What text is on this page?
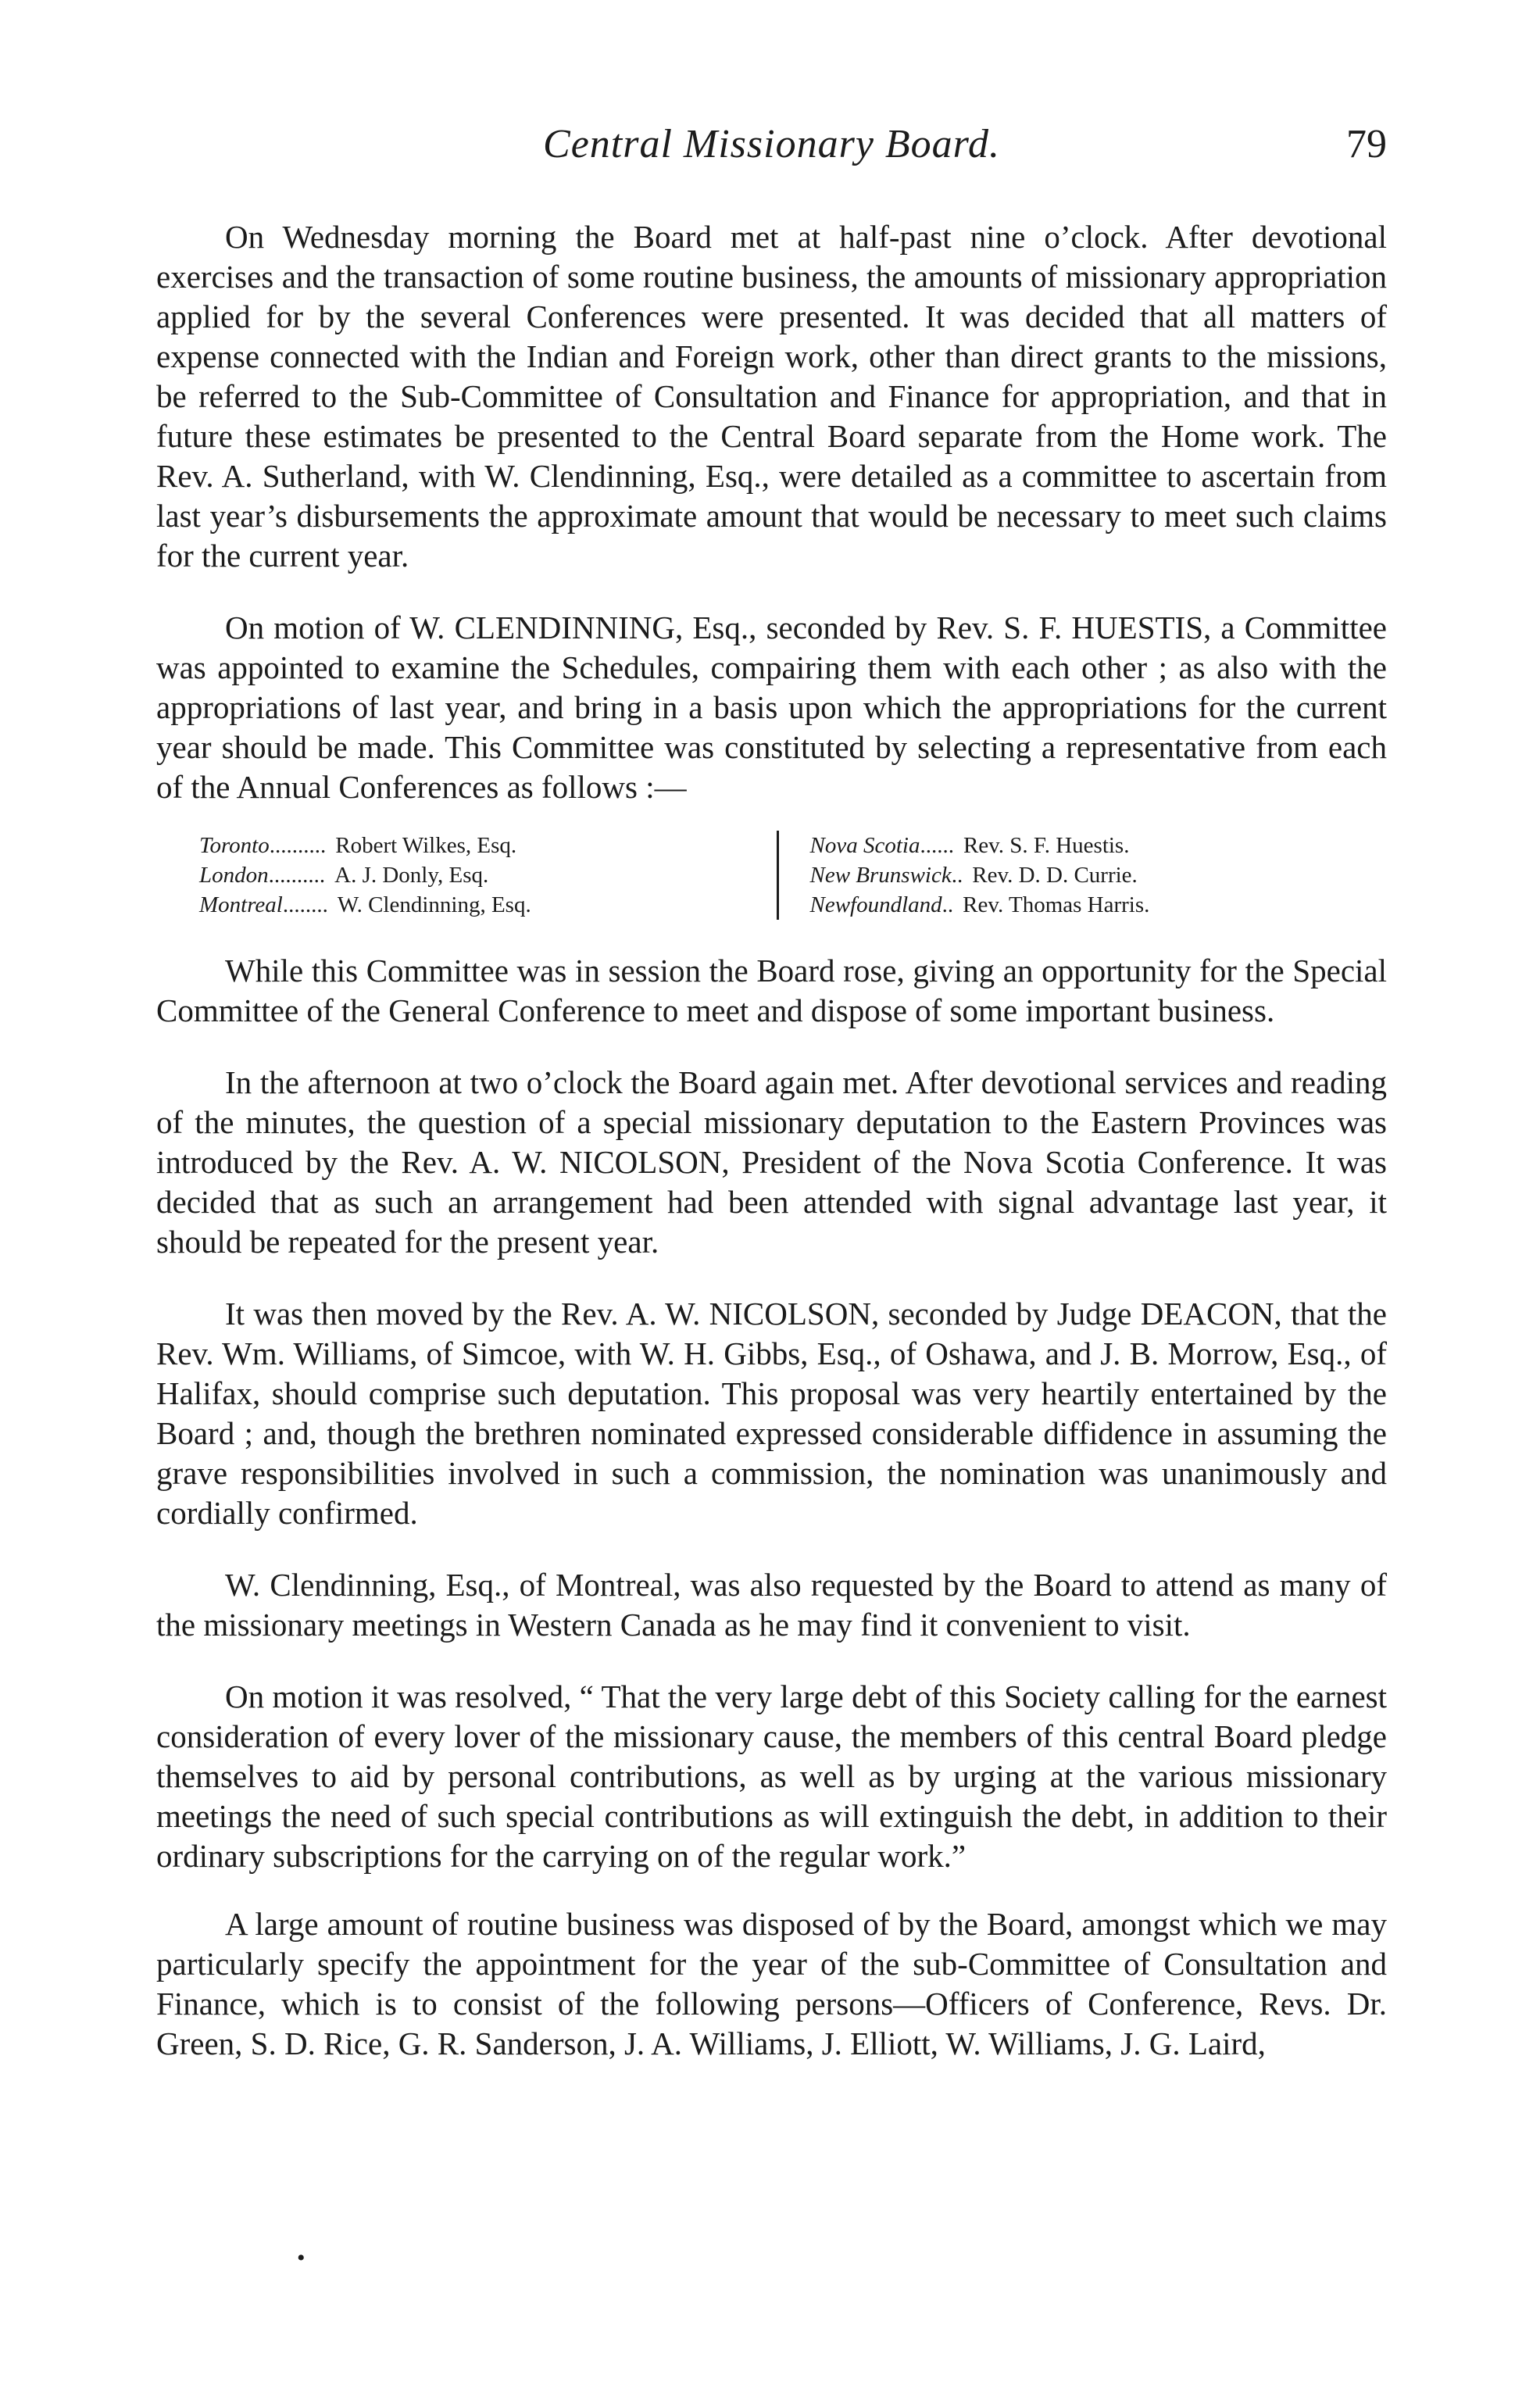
Central Missionary Board.	79

On Wednesday morning the Board met at half-past nine o’clock. After devotional exercises and the transaction of some routine business, the amounts of missionary appropriation applied for by the several Conferences were presented. It was decided that all matters of expense connected with the Indian and Foreign work, other than direct grants to the missions, be referred to the Sub-Committee of Consultation and Finance for appropriation, and that in future these estimates be presented to the Central Board separate from the Home work. The Rev. A. Sutherland, with W. Clendinning, Esq., were detailed as a committee to ascertain from last year’s disbursements the approximate amount that would be necessary to meet such claims for the current year.

On motion of W. CLENDINNING, Esq., seconded by Rev. S. F. HUESTIS, a Committee was appointed to examine the Schedules, compairing them with each other ; as also with the appropriations of last year, and bring in a basis upon which the appropriations for the current year should be made. This Committee was constituted by selecting a representative from each of the Annual Conferences as follows :—

Toronto .......... Robert Wilkes, Esq.
London .......... A. J. Donly, Esq.
Montreal ........ W. Clendinning, Esq.
Nova Scotia ...... Rev. S. F. Huestis.
New Brunswick .. Rev. D. D. Currie.
Newfoundland .. Rev. Thomas Harris.

While this Committee was in session the Board rose, giving an opportunity for the Special Committee of the General Conference to meet and dispose of some important business.

In the afternoon at two o’clock the Board again met. After devotional services and reading of the minutes, the question of a special missionary deputation to the Eastern Provinces was introduced by the Rev. A. W. NICOLSON, President of the Nova Scotia Conference. It was decided that as such an arrangement had been attended with signal advantage last year, it should be repeated for the present year.

It was then moved by the Rev. A. W. NICOLSON, seconded by Judge DEACON, that the Rev. Wm. Williams, of Simcoe, with W. H. Gibbs, Esq., of Oshawa, and J. B. Morrow, Esq., of Halifax, should comprise such deputation. This proposal was very heartily entertained by the Board ; and, though the brethren nominated expressed considerable diffidence in assuming the grave responsibilities involved in such a commission, the nomination was unanimously and cordially confirmed.

W. Clendinning, Esq., of Montreal, was also requested by the Board to attend as many of the missionary meetings in Western Canada as he may find it convenient to visit.

On motion it was resolved, “ That the very large debt of this Society calling for the earnest consideration of every lover of the missionary cause, the members of this central Board pledge themselves to aid by personal contributions, as well as by urging at the various missionary meetings the need of such special contributions as will extinguish the debt, in addition to their ordinary subscriptions for the carrying on of the regular work.”

A large amount of routine business was disposed of by the Board, amongst which we may particularly specify the appointment for the year of the sub-Committee of Consultation and Finance, which is to consist of the following persons—Officers of Conference, Revs. Dr. Green, S. D. Rice, G. R. Sanderson, J. A. Williams, J. Elliott, W. Williams, J. G. Laird,

•
